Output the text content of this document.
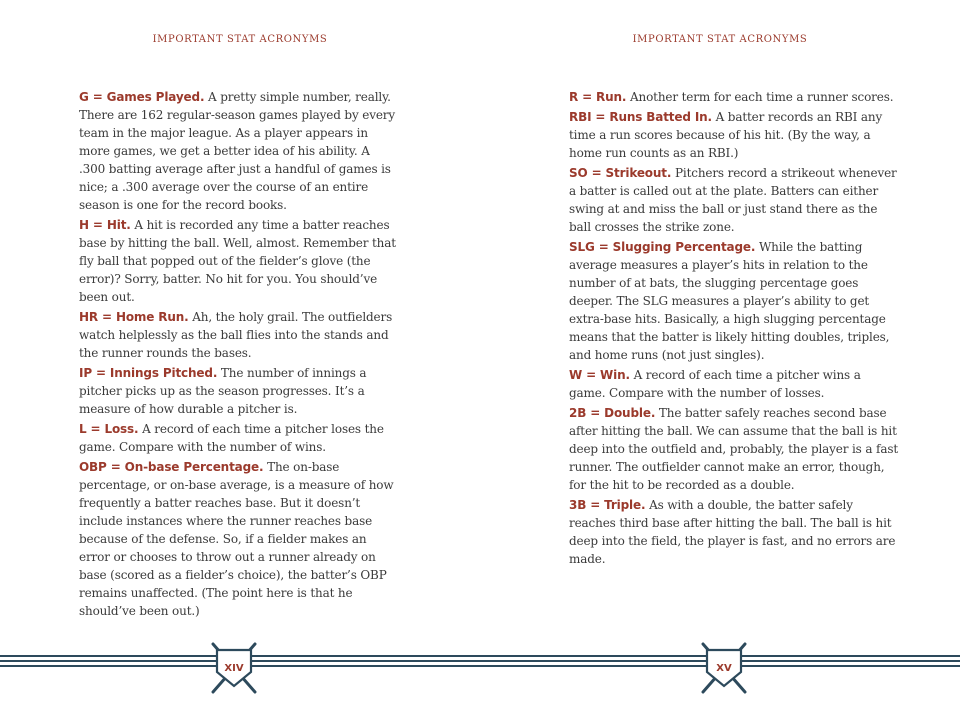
IMPORTANT STAT ACRONYMS

G = Games Played. A pretty simple number, really. There are 162 regular-season games played by every team in the major league. As a player appears in more games, we get a better idea of his ability. A .300 batting average after just a handful of games is nice; a .300 average over the course of an entire season is one for the record books.

H = Hit. A hit is recorded any time a batter reaches base by hitting the ball. Well, almost. Remember that fly ball that popped out of the fielder’s glove (the error)? Sorry, batter. No hit for you. You should’ve been out.

HR = Home Run. Ah, the holy grail. The outfielders watch helplessly as the ball flies into the stands and the runner rounds the bases.

IP = Innings Pitched. The number of innings a pitcher picks up as the season progresses. It’s a measure of how durable a pitcher is.

L = Loss. A record of each time a pitcher loses the game. Compare with the number of wins.

OBP = On-base Percentage. The on-base percentage, or on-base average, is a measure of how frequently a batter reaches base. But it doesn’t include instances where the runner reaches base because of the defense. So, if a fielder makes an error or chooses to throw out a runner already on base (scored as a fielder’s choice), the batter’s OBP remains unaffected. (The point here is that he should’ve been out.)

IMPORTANT STAT ACRONYMS

R = Run. Another term for each time a runner scores.

RBI = Runs Batted In. A batter records an RBI any time a run scores because of his hit. (By the way, a home run counts as an RBI.)

SO = Strikeout. Pitchers record a strikeout whenever a batter is called out at the plate. Batters can either swing at and miss the ball or just stand there as the ball crosses the strike zone.

SLG = Slugging Percentage. While the batting average measures a player’s hits in relation to the number of at bats, the slugging percentage goes deeper. The SLG measures a player’s ability to get extra-base hits. Basically, a high slugging percentage means that the batter is likely hitting doubles, triples, and home runs (not just singles).

W = Win. A record of each time a pitcher wins a game. Compare with the number of losses.

2B = Double. The batter safely reaches second base after hitting the ball. We can assume that the ball is hit deep into the outfield and, probably, the player is a fast runner. The outfielder cannot make an error, though, for the hit to be recorded as a double.

3B = Triple. As with a double, the batter safely reaches third base after hitting the ball. The ball is hit deep into the field, the player is fast, and no errors are made.

XIV	XV
